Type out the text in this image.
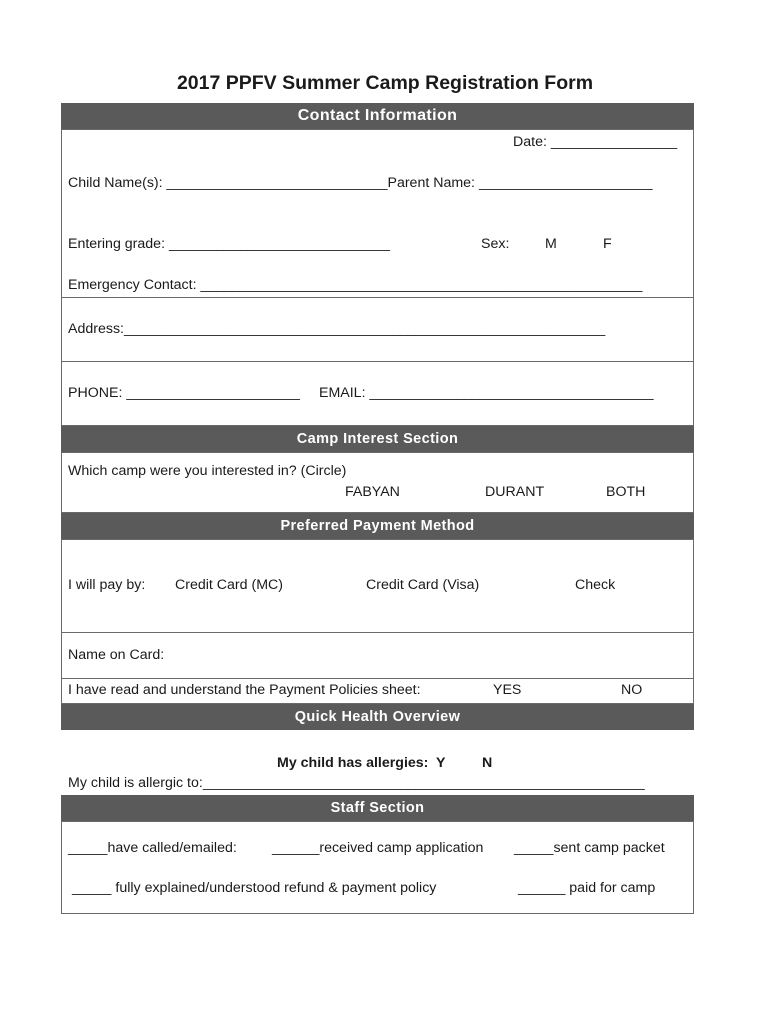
2017 PPFV Summer Camp Registration Form
Contact Information
Date: ________________
Child Name(s): ____________________________Parent Name: ______________________
Entering grade: ____________________________	Sex:	M	F
Emergency Contact: ________________________________________________________
Address:_____________________________________________________________
PHONE: ______________________ EMAIL: ____________________________________
Camp Interest Section
Which camp were you interested in? (Circle)
FABYAN	DURANT	BOTH
Preferred Payment Method
I will pay by: Credit Card (MC)	Credit Card (Visa)	Check
Name on Card:
I have read and understand the Payment Policies sheet:	YES	NO
Quick Health Overview
My child has allergies:  Y	N
My child is allergic to:________________________________________________________
Staff Section
_____have called/emailed: ______received camp application _____sent camp packet
_____ fully explained/understood refund & payment policy	______ paid for camp
